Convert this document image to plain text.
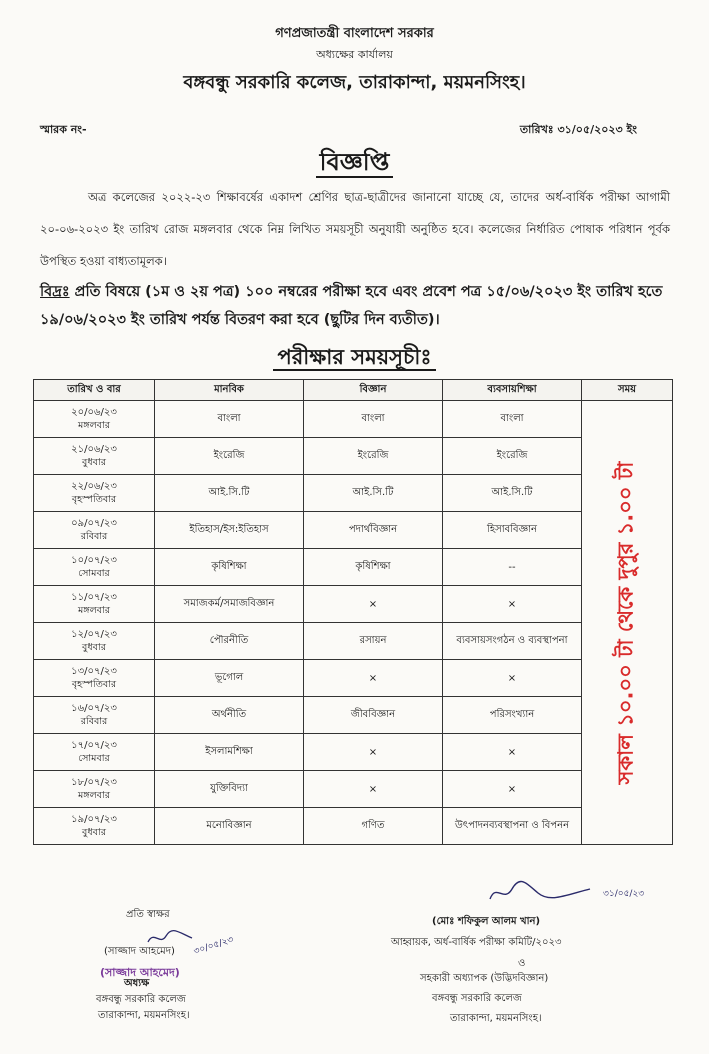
গণপ্রজাতন্ত্রী বাংলাদেশ সরকার
অধ্যক্ষের কার্যালয়
বঙ্গবন্ধু সরকারি কলেজ, তারাকান্দা, ময়মনসিংহ।
স্মারক নং-	তারিখঃ ৩১/০৫/২০২৩ ইং
বিজ্ঞপ্তি
অত্র কলেজের ২০২২-২৩ শিক্ষাবর্ষের একাদশ শ্রেণির ছাত্র-ছাত্রীদের জানানো যাচ্ছে যে, তাদের অর্ধ-বার্ষিক পরীক্ষা আগামী ২০-০৬-২০২৩ ইং তারিখ রোজ মঙ্গলবার থেকে নিম্ন লিখিত সময়সূচী অনুযায়ী অনুষ্ঠিত হবে। কলেজের নির্ধারিত পোষাক পরিধান পূর্বক উপস্থিত হওয়া বাধ্যতামূলক।
বিদ্রঃ প্রতি বিষয়ে (১ম ও ২য় পত্র) ১০০ নম্বরের পরীক্ষা হবে এবং প্রবেশ পত্র ১৫/০৬/২০২৩ ইং তারিখ হতে ১৯/০৬/২০২৩ ইং তারিখ পর্যন্ত বিতরণ করা হবে (ছুটির দিন ব্যতীত)।
পরীক্ষার সময়সূচীঃ
তারিখ ও বার	মানবিক	বিজ্ঞান	ব্যবসায়শিক্ষা	সময়

২০/০৬/২৩
মঙ্গলবার	বাংলা	বাংলা	বাংলা	সকাল ১০.০০ টা থেকে দুপুর ১.০০ টা

২১/০৬/২৩
বুধবার	ইংরেজি	ইংরেজি	ইংরেজি	

২২/০৬/২৩
বৃহস্পতিবার	আই.সি.টি	আই.সি.টি	আই.সি.টি	

০৯/০৭/২৩
রবিবার	ইতিহাস/ইস:ইতিহাস	পদার্থবিজ্ঞান	হিসাববিজ্ঞান	

১০/০৭/২৩
সোমবার	কৃষিশিক্ষা	কৃষিশিক্ষা	--	

১১/০৭/২৩
মঙ্গলবার	সমাজকর্ম/সমাজবিজ্ঞান	×	×	

১২/০৭/২৩
বুধবার	পৌরনীতি	রসায়ন	ব্যবসায়সংগঠন ও ব্যবস্থাপনা	

১৩/০৭/২৩
বৃহস্পতিবার	ভূগোল	×	×	

১৬/০৭/২৩
রবিবার	অর্থনীতি	জীববিজ্ঞান	পরিসংখ্যান	

১৭/০৭/২৩
সোমবার	ইসলামশিক্ষা	×	×	

১৮/০৭/২৩
মঙ্গলবার	যুক্তিবিদ্যা	×	×	

১৯/০৭/২৩
বুধবার	মনোবিজ্ঞান	গণিত	উৎপাদনব্যবস্থাপনা ও বিপনন	
প্রতি স্বাক্ষর
৩০/০৫/২৩
(সাজ্জাদ আহমেদ)
(সাজ্জাদ আহমেদ)
অধ্যক্ষ
বঙ্গবন্ধু সরকারি কলেজ
তারাকান্দা, ময়মনসিংহ।
৩১/০৫/২৩
(মোঃ শফিকুল আলম খান)
আহ্বায়ক, অর্ধ-বার্ষিক পরীক্ষা কমিটি/২০২৩
ও
সহকারী অধ্যাপক (উদ্ভিদবিজ্ঞান)
বঙ্গবন্ধু সরকারি কলেজ
তারাকান্দা, ময়মনসিংহ।
